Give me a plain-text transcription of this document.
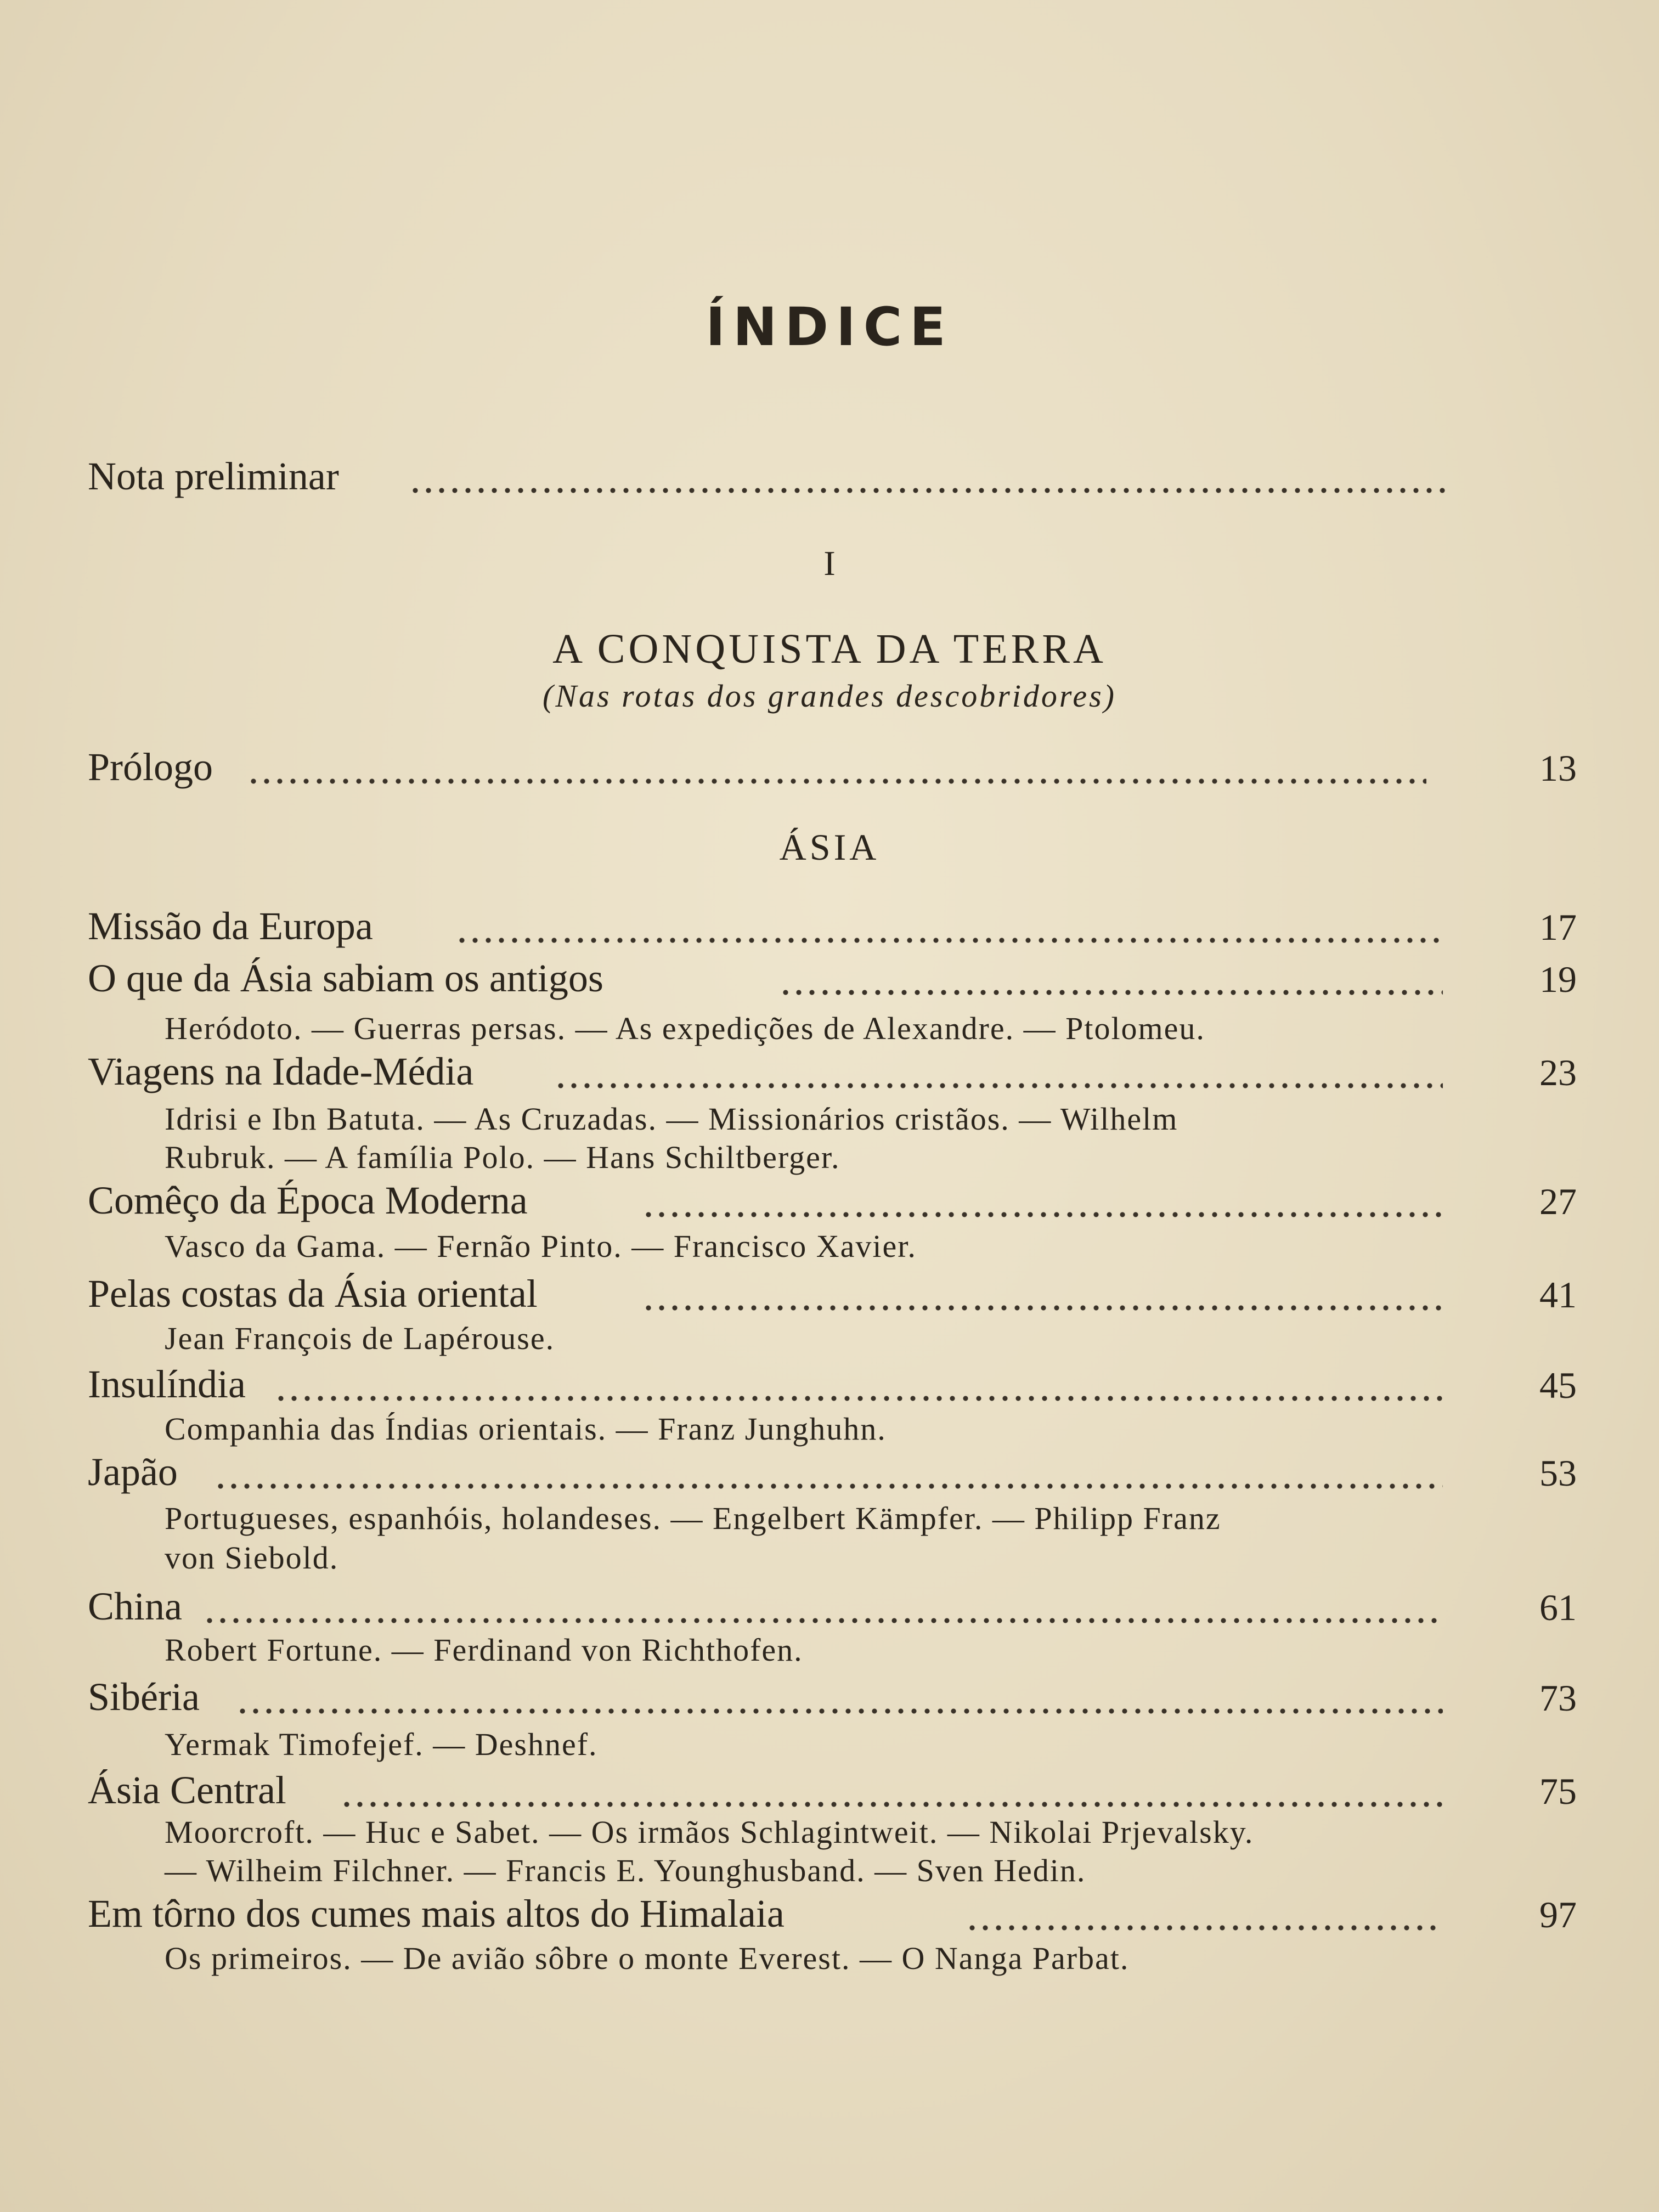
ÍNDICE
Nota preliminar
I
A CONQUISTA DA TERRA
(Nas rotas dos grandes descobridores)
Prólogo	13
ÁSIA
Missão da Europa	17
O que da Ásia sabiam os antigos	19
Heródoto. — Guerras persas. — As expedições de Alexandre. — Ptolomeu.
Viagens na Idade-Média	23
Idrisi e Ibn Batuta. — As Cruzadas. — Missionários cristãos. — Wilhelm
Rubruk. — A família Polo. — Hans Schiltberger.
Comêço da Época Moderna	27
Vasco da Gama. — Fernão Pinto. — Francisco Xavier.
Pelas costas da Ásia oriental	41
Jean François de Lapérouse.
Insulíndia	45
Companhia das Índias orientais. — Franz Junghuhn.
Japão	53
Portugueses, espanhóis, holandeses. — Engelbert Kämpfer. — Philipp Franz
von Siebold.
China	61
Robert Fortune. — Ferdinand von Richthofen.
Sibéria	73
Yermak Timofejef. — Deshnef.
Ásia Central	75
Moorcroft. — Huc e Sabet. — Os irmãos Schlagintweit. — Nikolai Prjevalsky.
— Wilheim Filchner. — Francis E. Younghusband. — Sven Hedin.
Em tôrno dos cumes mais altos do Himalaia	97
Os primeiros. — De avião sôbre o monte Everest. — O Nanga Parbat.
